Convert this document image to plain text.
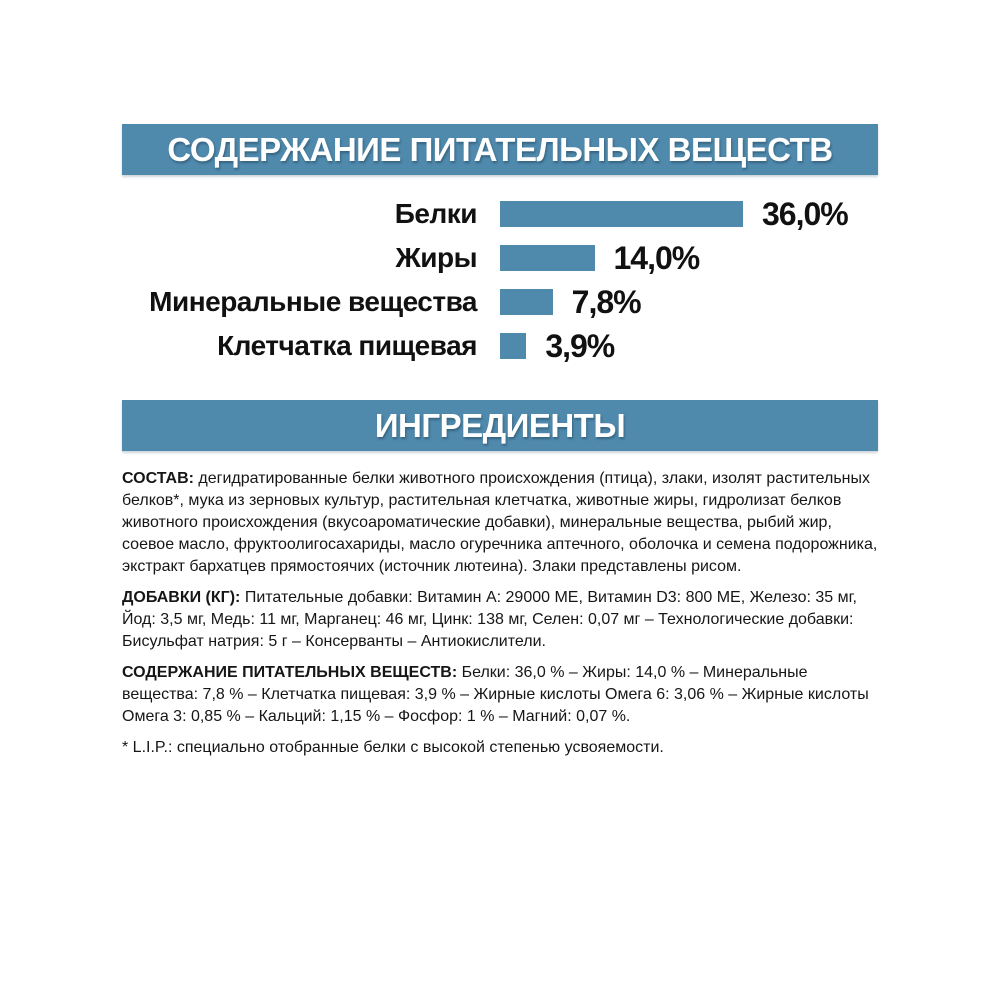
СОДЕРЖАНИЕ ПИТАТЕЛЬНЫХ ВЕЩЕСТВ
Белки	36,0%
Жиры	14,0%
Минеральные вещества	7,8%
Клетчатка пищевая	3,9%
ИНГРЕДИЕНТЫ

СОСТАВ: дегидратированные белки животного происхождения (птица), злаки, изолят растительных белков*, мука из зерновых культур, растительная клетчатка, животные жиры, гидролизат белков животного происхождения (вкусоароматические добавки), минеральные вещества, рыбий жир, соевое масло, фруктоолигосахариды, масло огуречника аптечного, оболочка и семена подорожника, экстракт бархатцев прямостоячих (источник лютеина). Злаки представлены рисом.

ДОБАВКИ (КГ): Питательные добавки: Витамин A: 29000 МЕ, Витамин D3: 800 МЕ, Железо: 35 мг, Йод: 3,5 мг, Медь: 11 мг, Марганец: 46 мг, Цинк: 138 мг, Селен: 0,07 мг – Технологические добавки: Бисульфат натрия: 5 г – Консерванты – Антиокислители.

СОДЕРЖАНИЕ ПИТАТЕЛЬНЫХ ВЕЩЕСТВ: Белки: 36,0 % – Жиры: 14,0 % – Минеральные вещества: 7,8 % – Клетчатка пищевая: 3,9 % – Жирные кислоты Омега 6: 3,06 % – Жирные кислоты Омега 3: 0,85 % – Кальций: 1,15 % – Фосфор: 1 % – Магний: 0,07 %.

* L.I.P.: специально отобранные белки с высокой степенью усвояемости.
